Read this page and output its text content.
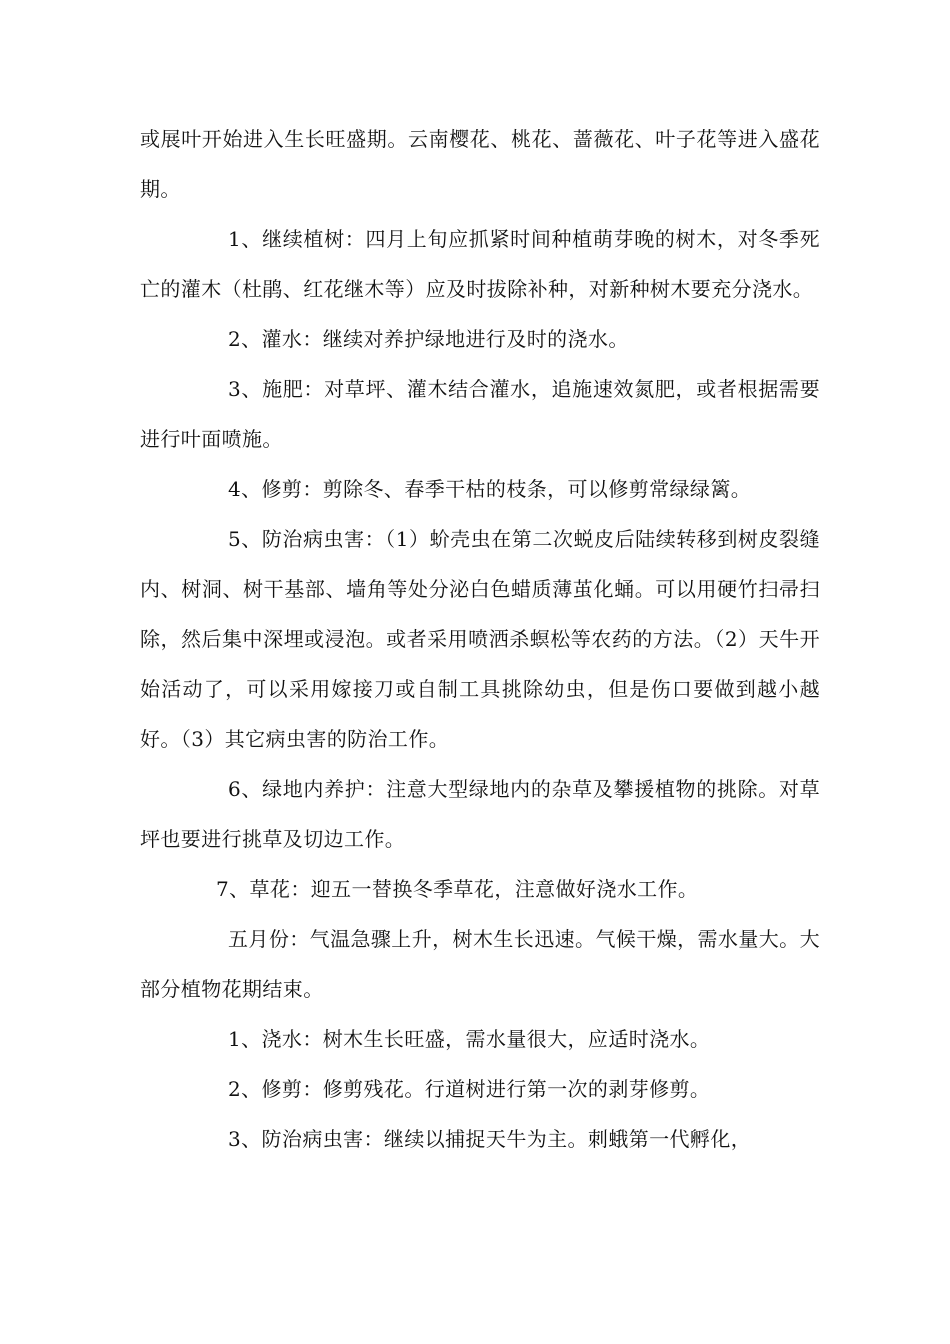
或展叶开始进入生长旺盛期。云南樱花、桃花、蔷薇花、叶子花等进入盛花期。

1、继续植树：四月上旬应抓紧时间种植萌芽晚的树木，对冬季死亡的灌木（杜鹃、红花继木等）应及时拔除补种，对新种树木要充分浇水。

2、灌水：继续对养护绿地进行及时的浇水。

3、施肥：对草坪、灌木结合灌水，追施速效氮肥，或者根据需要进行叶面喷施。

4、修剪：剪除冬、春季干枯的枝条，可以修剪常绿绿篱。

5、防治病虫害：（1）蚧壳虫在第二次蜕皮后陆续转移到树皮裂缝内、树洞、树干基部、墙角等处分泌白色蜡质薄茧化蛹。可以用硬竹扫帚扫除，然后集中深埋或浸泡。或者采用喷洒杀螟松等农药的方法。（2）天牛开始活动了，可以采用嫁接刀或自制工具挑除幼虫，但是伤口要做到越小越好。（3）其它病虫害的防治工作。

6、绿地内养护：注意大型绿地内的杂草及攀援植物的挑除。对草坪也要进行挑草及切边工作。

7、草花：迎五一替换冬季草花，注意做好浇水工作。

五月份：气温急骤上升，树木生长迅速。气候干燥，需水量大。大部分植物花期结束。

1、浇水：树木生长旺盛，需水量很大，应适时浇水。

2、修剪：修剪残花。行道树进行第一次的剥芽修剪。

3、防治病虫害：继续以捕捉天牛为主。刺蛾第一代孵化，
